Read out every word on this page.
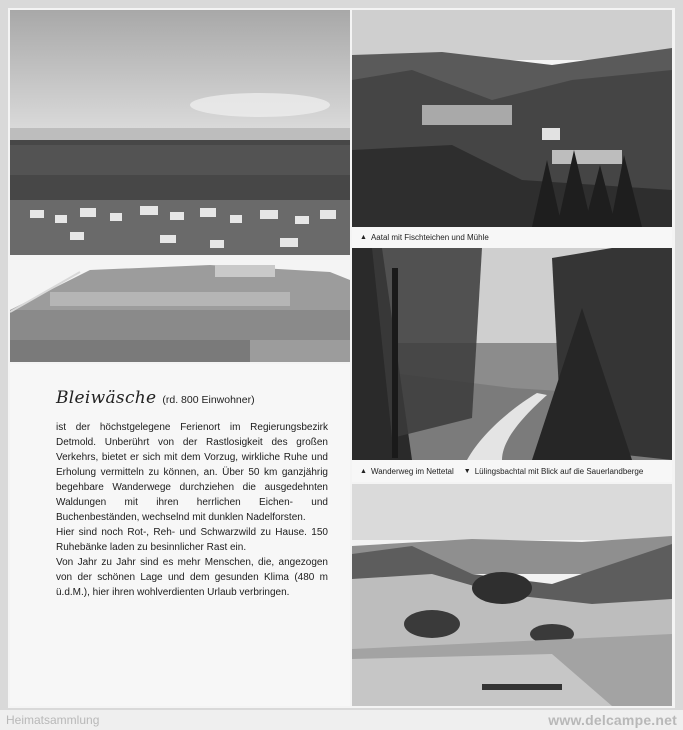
▲ Aatal mit Fischteichen und Mühle
▲ Wanderweg im Nettetal ▼ Lülingsbachtal mit Blick auf die Sauerlandberge
Bleiwäsche (rd. 800 Einwohner)

ist der höchstgelegene Ferienort im Regierungsbezirk Detmold. Unberührt von der Rastlosigkeit des großen Verkehrs, bietet er sich mit dem Vorzug, wirkliche Ruhe und Erholung vermitteln zu können, an. Über 50 km ganzjährig begehbare Wanderwege durchziehen die ausgedehnten Waldungen mit ihren herrlichen Eichen- und Buchenbeständen, wechselnd mit dunklen Nadelforsten.

Hier sind noch Rot-, Reh- und Schwarzwild zu Hause. 150 Ruhebänke laden zu besinnlicher Rast ein.

Von Jahr zu Jahr sind es mehr Menschen, die, angezogen von der schönen Lage und dem gesunden Klima (480 m ü.d.M.), hier ihren wohlverdienten Urlaub verbringen.

Heimatsammlung	www.delcampe.net
